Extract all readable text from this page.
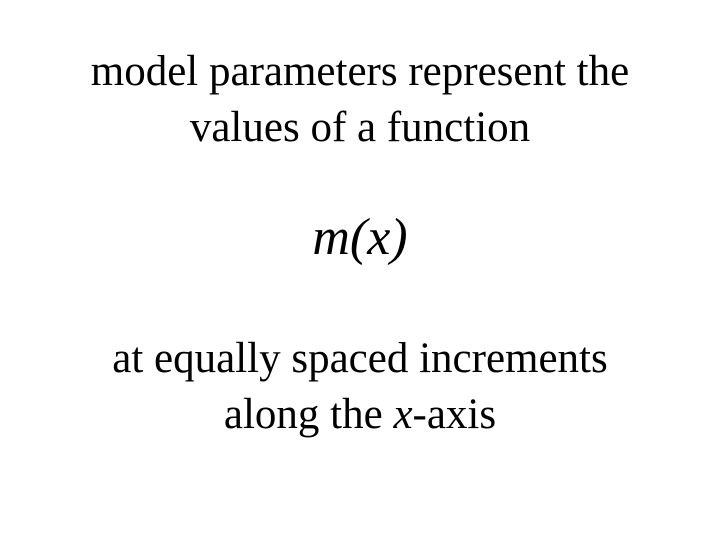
model parameters represent the
values of a function
m(x)
at equally spaced increments
along the x-axis
